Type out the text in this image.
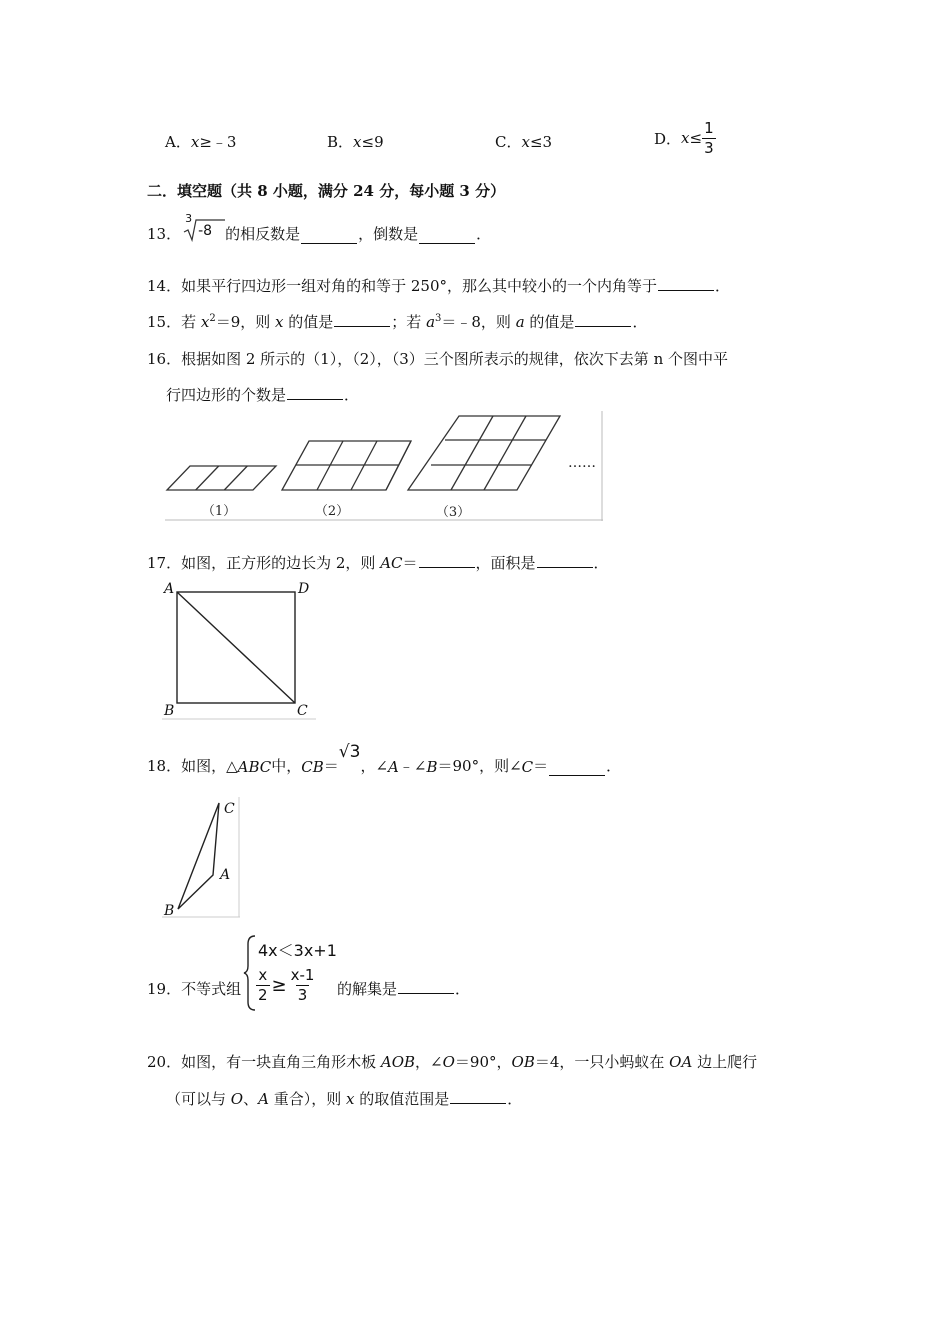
A．x≥﹣3	B．x≤9	C．x≤3	D． $x \le \frac{1}{3}$
二．填空题（共 8 小题，满分 24 分，每小题 3 分）
13．
3
-8 的相反数是	，倒数是	．
14．如果平行四边形一组对角的和等于 250°，那么其中较小的一个内角等于	．
15．若 $x^2=9$，则 x 的值是	；若 $a^3=﹣8$，则 a 的值是	．
16．根据如图 2 所示的（1），（2），（3）三个图所表示的规律，依次下去第 n 个图中平
行四边形的个数是	．
……
（1）	（2）	（3）
17．如图，正方形的边长为 2，则 AC＝	，面积是	．
A	D
B	C
18． 如图，△ ABC 中， CB ＝
√3
，∠ A ﹣∠ B ＝90°，则∠ C ＝	．
C
A
B
19．不等式组
4x＜3x+1
$\frac{x}{2} \ge \frac{x-1}{3}$ 的解集是	．
20．如图，有一块直角三角形木板 AOB，∠O＝90°，OB＝4，一只小蚂蚁在 OA 边上爬行
（可以与 O、A 重合），则 x 的取值范围是	．
